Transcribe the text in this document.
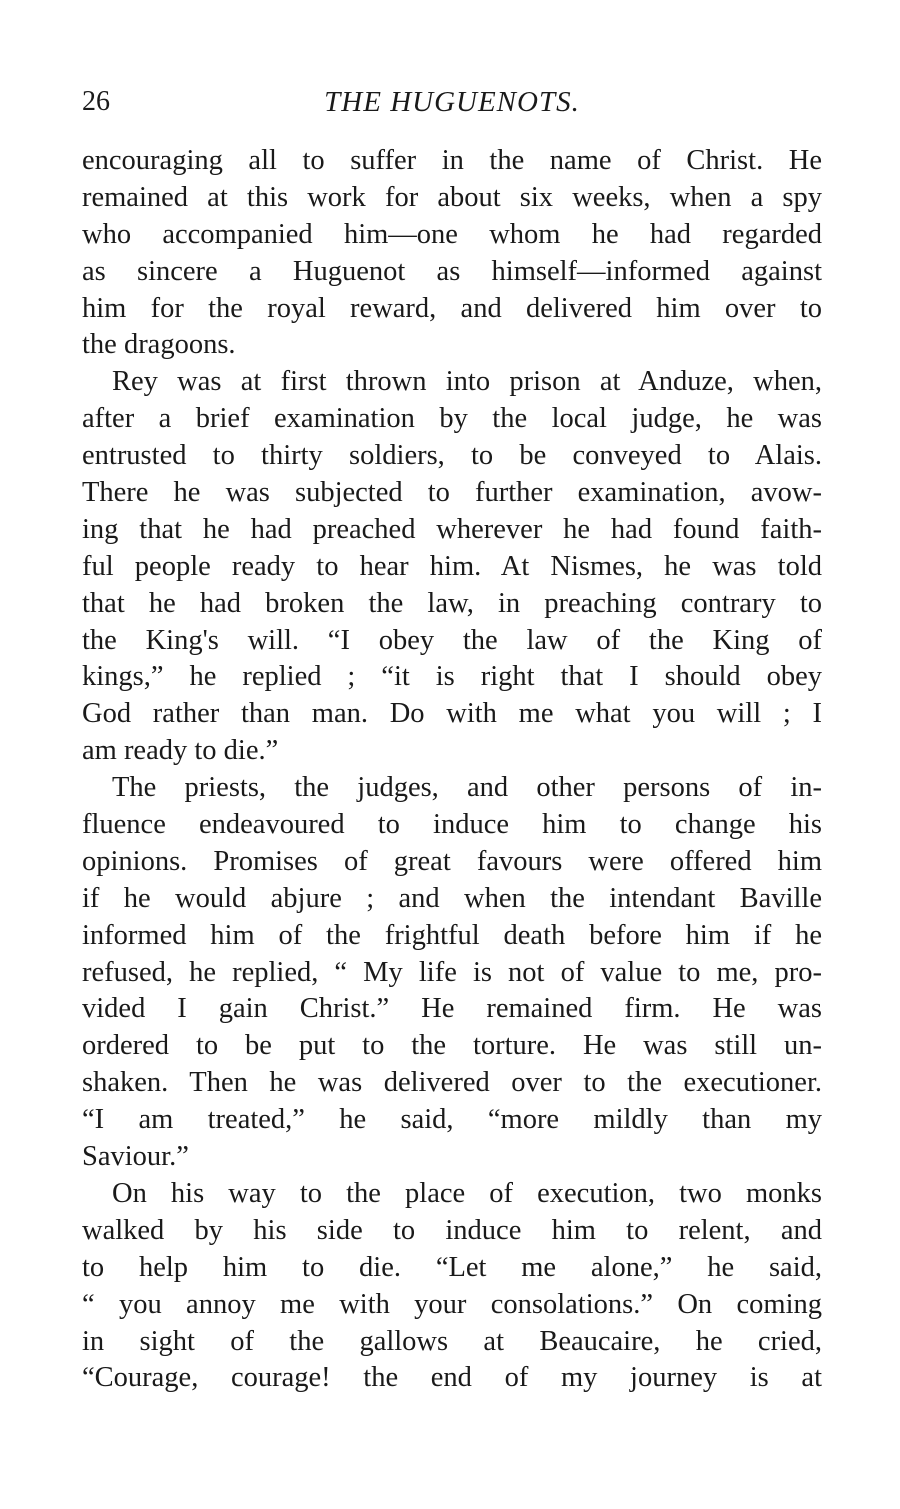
26	THE HUGUENOTS.
encouraging all to suffer in the name of Christ. He
remained at this work for about six weeks, when a spy
who accompanied him—one whom he had regarded
as sincere a Huguenot as himself—informed against
him for the royal reward, and delivered him over to
the dragoons.
Rey was at first thrown into prison at Anduze, when,
after a brief examination by the local judge, he was
entrusted to thirty soldiers, to be conveyed to Alais.
There he was subjected to further examination, avow-
ing that he had preached wherever he had found faith-
ful people ready to hear him. At Nismes, he was told
that he had broken the law, in preaching contrary to
the King's will. “I obey the law of the King of
kings,” he replied ; “it is right that I should obey
God rather than man. Do with me what you will ; I
am ready to die.”
The priests, the judges, and other persons of in-
fluence endeavoured to induce him to change his
opinions. Promises of great favours were offered him
if he would abjure ; and when the intendant Baville
informed him of the frightful death before him if he
refused, he replied, “ My life is not of value to me, pro-
vided I gain Christ.” He remained firm. He was
ordered to be put to the torture. He was still un-
shaken. Then he was delivered over to the executioner.
“I am treated,” he said, “more mildly than my
Saviour.”
On his way to the place of execution, two monks
walked by his side to induce him to relent, and
to help him to die. “Let me alone,” he said,
“ you annoy me with your consolations.” On coming
in sight of the gallows at Beaucaire, he cried,
“Courage, courage! the end of my journey is at
